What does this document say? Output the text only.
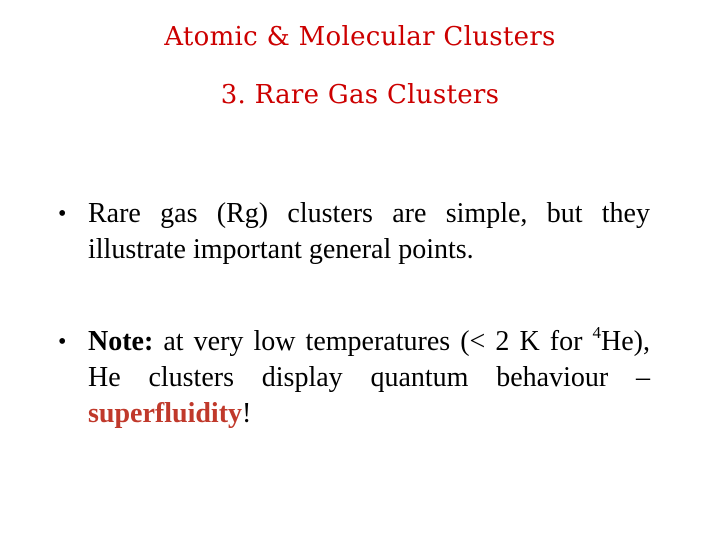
Atomic & Molecular Clusters
3. Rare Gas Clusters
• Rare gas (Rg) clusters are simple, but they illustrate important general points.
• Note: at very low temperatures (< 2 K for $^4$He), He clusters display quantum behaviour – superfluidity!
